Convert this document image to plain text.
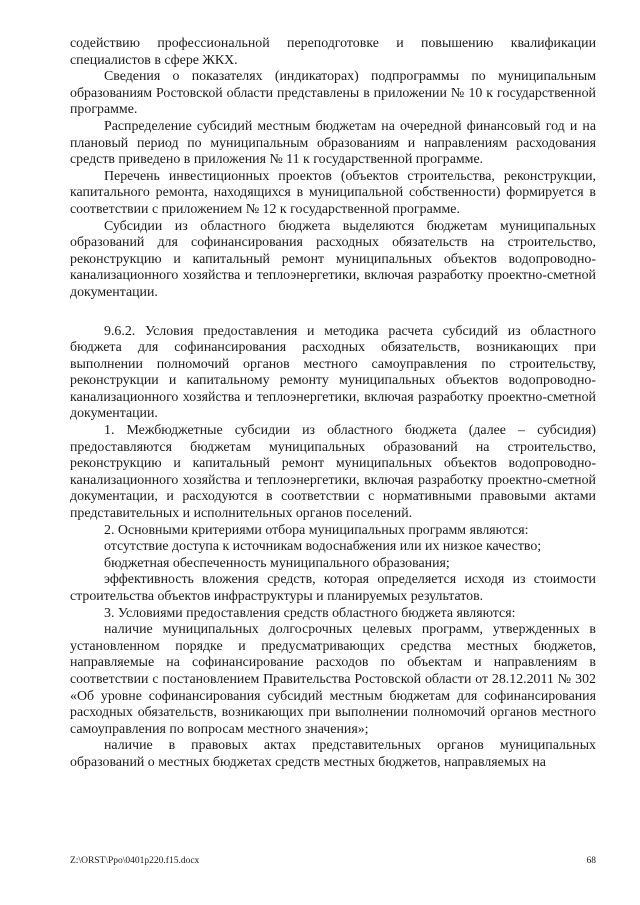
содействию профессиональной переподготовке и повышению квалификации специалистов в сфере ЖКХ.

Сведения о показателях (индикаторах) подпрограммы по муниципальным образованиям Ростовской области представлены в приложении № 10 к государственной программе.

Распределение субсидий местным бюджетам на очередной финансовый год и на плановый период по муниципальным образованиям и направлениям расходования средств приведено в приложения № 11 к государственной программе.

Перечень инвестиционных проектов (объектов строительства, реконструкции, капитального ремонта, находящихся в муниципальной собственности) формируется в соответствии с приложением № 12 к государственной программе.

Субсидии из областного бюджета выделяются бюджетам муниципальных образований для софинансирования расходных обязательств на строительство, реконструкцию и капитальный ремонт муниципальных объектов водопроводно-канализационного хозяйства и теплоэнергетики, включая разработку проектно-сметной документации.

9.6.2. Условия предоставления и методика расчета субсидий из областного бюджета для софинансирования расходных обязательств, возникающих при выполнении полномочий органов местного самоуправления по строительству, реконструкции и капитальному ремонту муниципальных объектов водопроводно-канализационного хозяйства и теплоэнергетики, включая разработку проектно-сметной документации.

1. Межбюджетные субсидии из областного бюджета (далее – субсидия) предоставляются бюджетам муниципальных образований на строительство, реконструкцию и капитальный ремонт муниципальных объектов водопроводно-канализационного хозяйства и теплоэнергетики, включая разработку проектно-сметной документации, и расходуются в соответствии с нормативными правовыми актами представительных и исполнительных органов поселений.

2. Основными критериями отбора муниципальных программ являются:

отсутствие доступа к источникам водоснабжения или их низкое качество;

бюджетная обеспеченность муниципального образования;

эффективность вложения средств, которая определяется исходя из стоимости строительства объектов инфраструктуры и планируемых результатов.

3. Условиями предоставления средств областного бюджета являются:

наличие муниципальных долгосрочных целевых программ, утвержденных в установленном порядке и предусматривающих средства местных бюджетов, направляемые на софинансирование расходов по объектам и направлениям в соответствии с постановлением Правительства Ростовской области от 28.12.2011 № 302 «Об уровне софинансирования субсидий местным бюджетам для софинансирования расходных обязательств, возникающих при выполнении полномочий органов местного самоуправления по вопросам местного значения»;

наличие в правовых актах представительных органов муниципальных образований о местных бюджетах средств местных бюджетов, направляемых на

Z:\ORST\Ppo\0401p220.f15.docx	68
